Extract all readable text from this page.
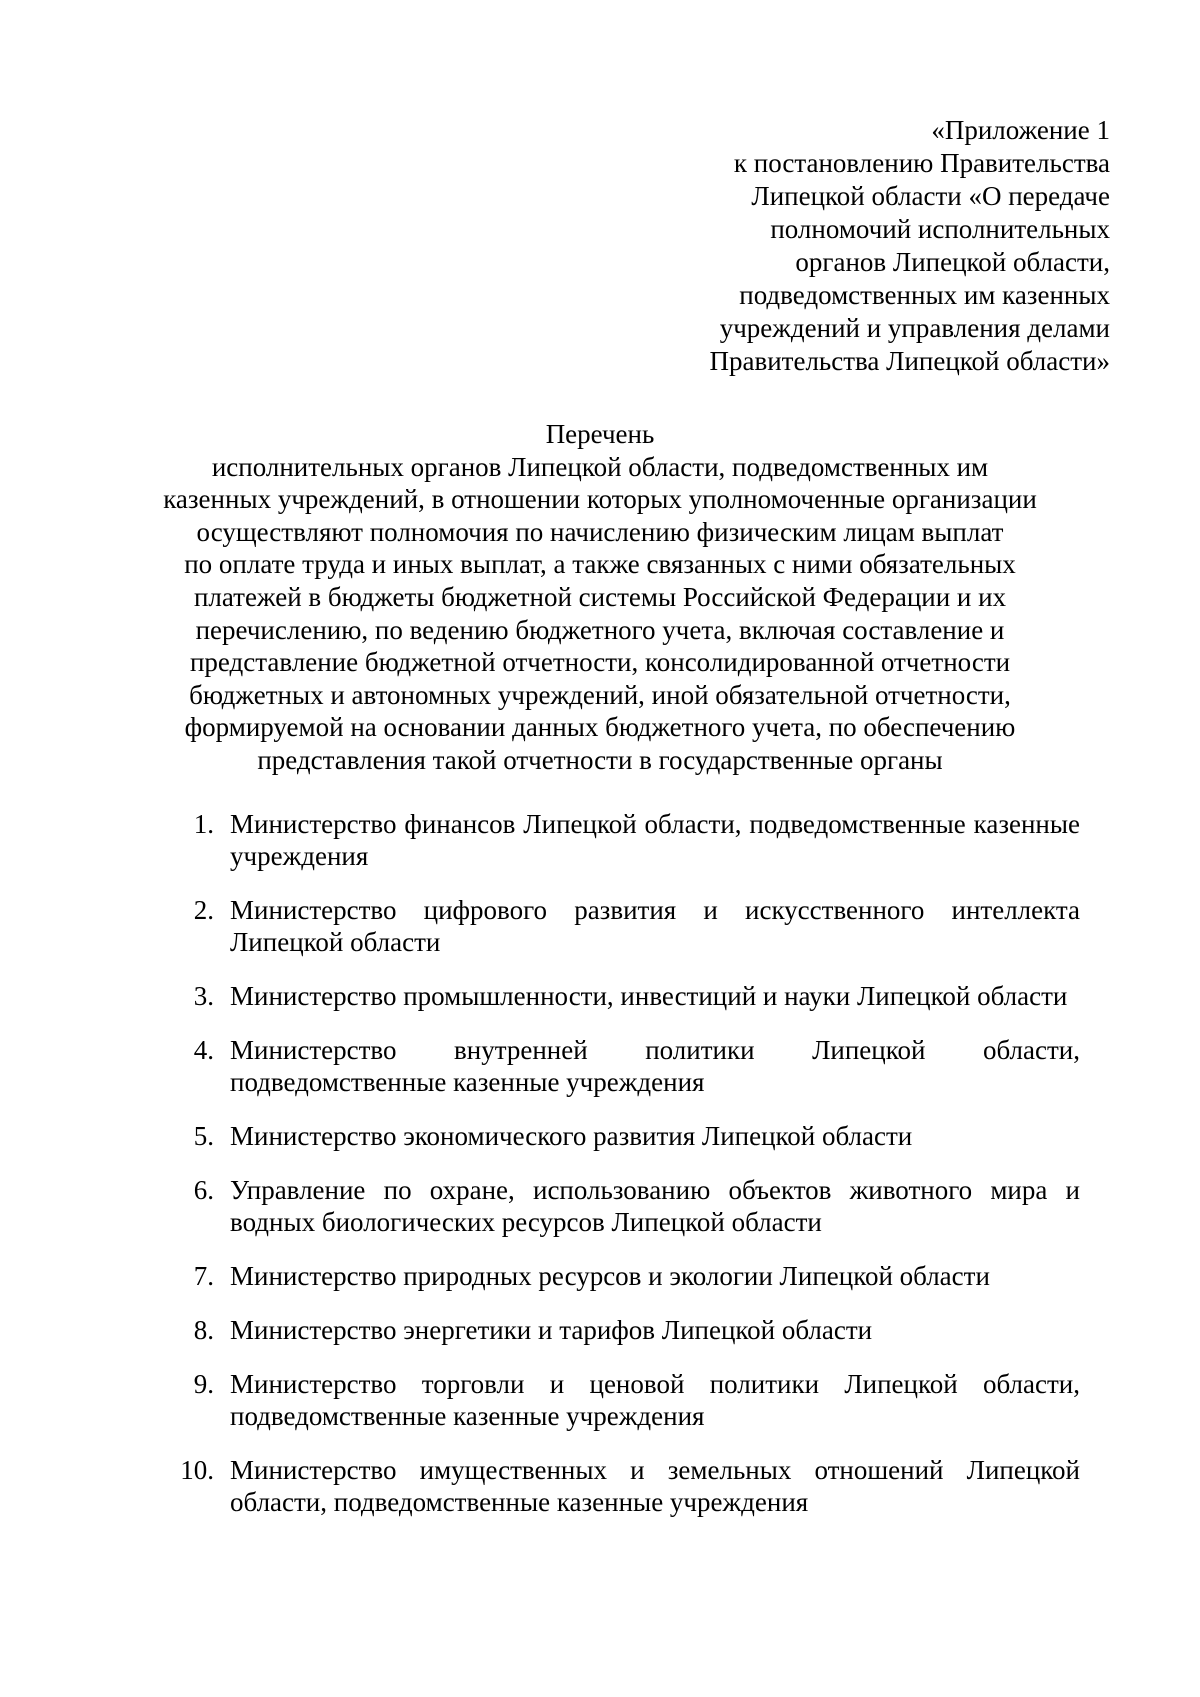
«Приложение 1
к постановлению Правительства
Липецкой области «О передаче
полномочий исполнительных
органов Липецкой области,
подведомственных им казенных
учреждений и управления делами
Правительства Липецкой области»
Перечень
исполнительных органов Липецкой области, подведомственных им
казенных учреждений, в отношении которых уполномоченные организации
осуществляют полномочия по начислению физическим лицам выплат
по оплате труда и иных выплат, а также связанных с ними обязательных
платежей в бюджеты бюджетной системы Российской Федерации и их
перечислению, по ведению бюджетного учета, включая составление и
представление бюджетной отчетности, консолидированной отчетности
бюджетных и автономных учреждений, иной обязательной отчетности,
формируемой на основании данных бюджетного учета, по обеспечению
представления такой отчетности в государственные органы
1. Министерство финансов Липецкой области, подведомственные казенные учреждения
2. Министерство цифрового развития и искусственного интеллекта Липецкой области
3. Министерство промышленности, инвестиций и науки Липецкой области
4. Министерство внутренней политики Липецкой области, подведомственные казенные учреждения
5. Министерство экономического развития Липецкой области
6. Управление по охране, использованию объектов животного мира и водных биологических ресурсов Липецкой области
7. Министерство природных ресурсов и экологии Липецкой области
8. Министерство энергетики и тарифов Липецкой области
9. Министерство торговли и ценовой политики Липецкой области, подведомственные казенные учреждения
10. Министерство имущественных и земельных отношений Липецкой области, подведомственные казенные учреждения
